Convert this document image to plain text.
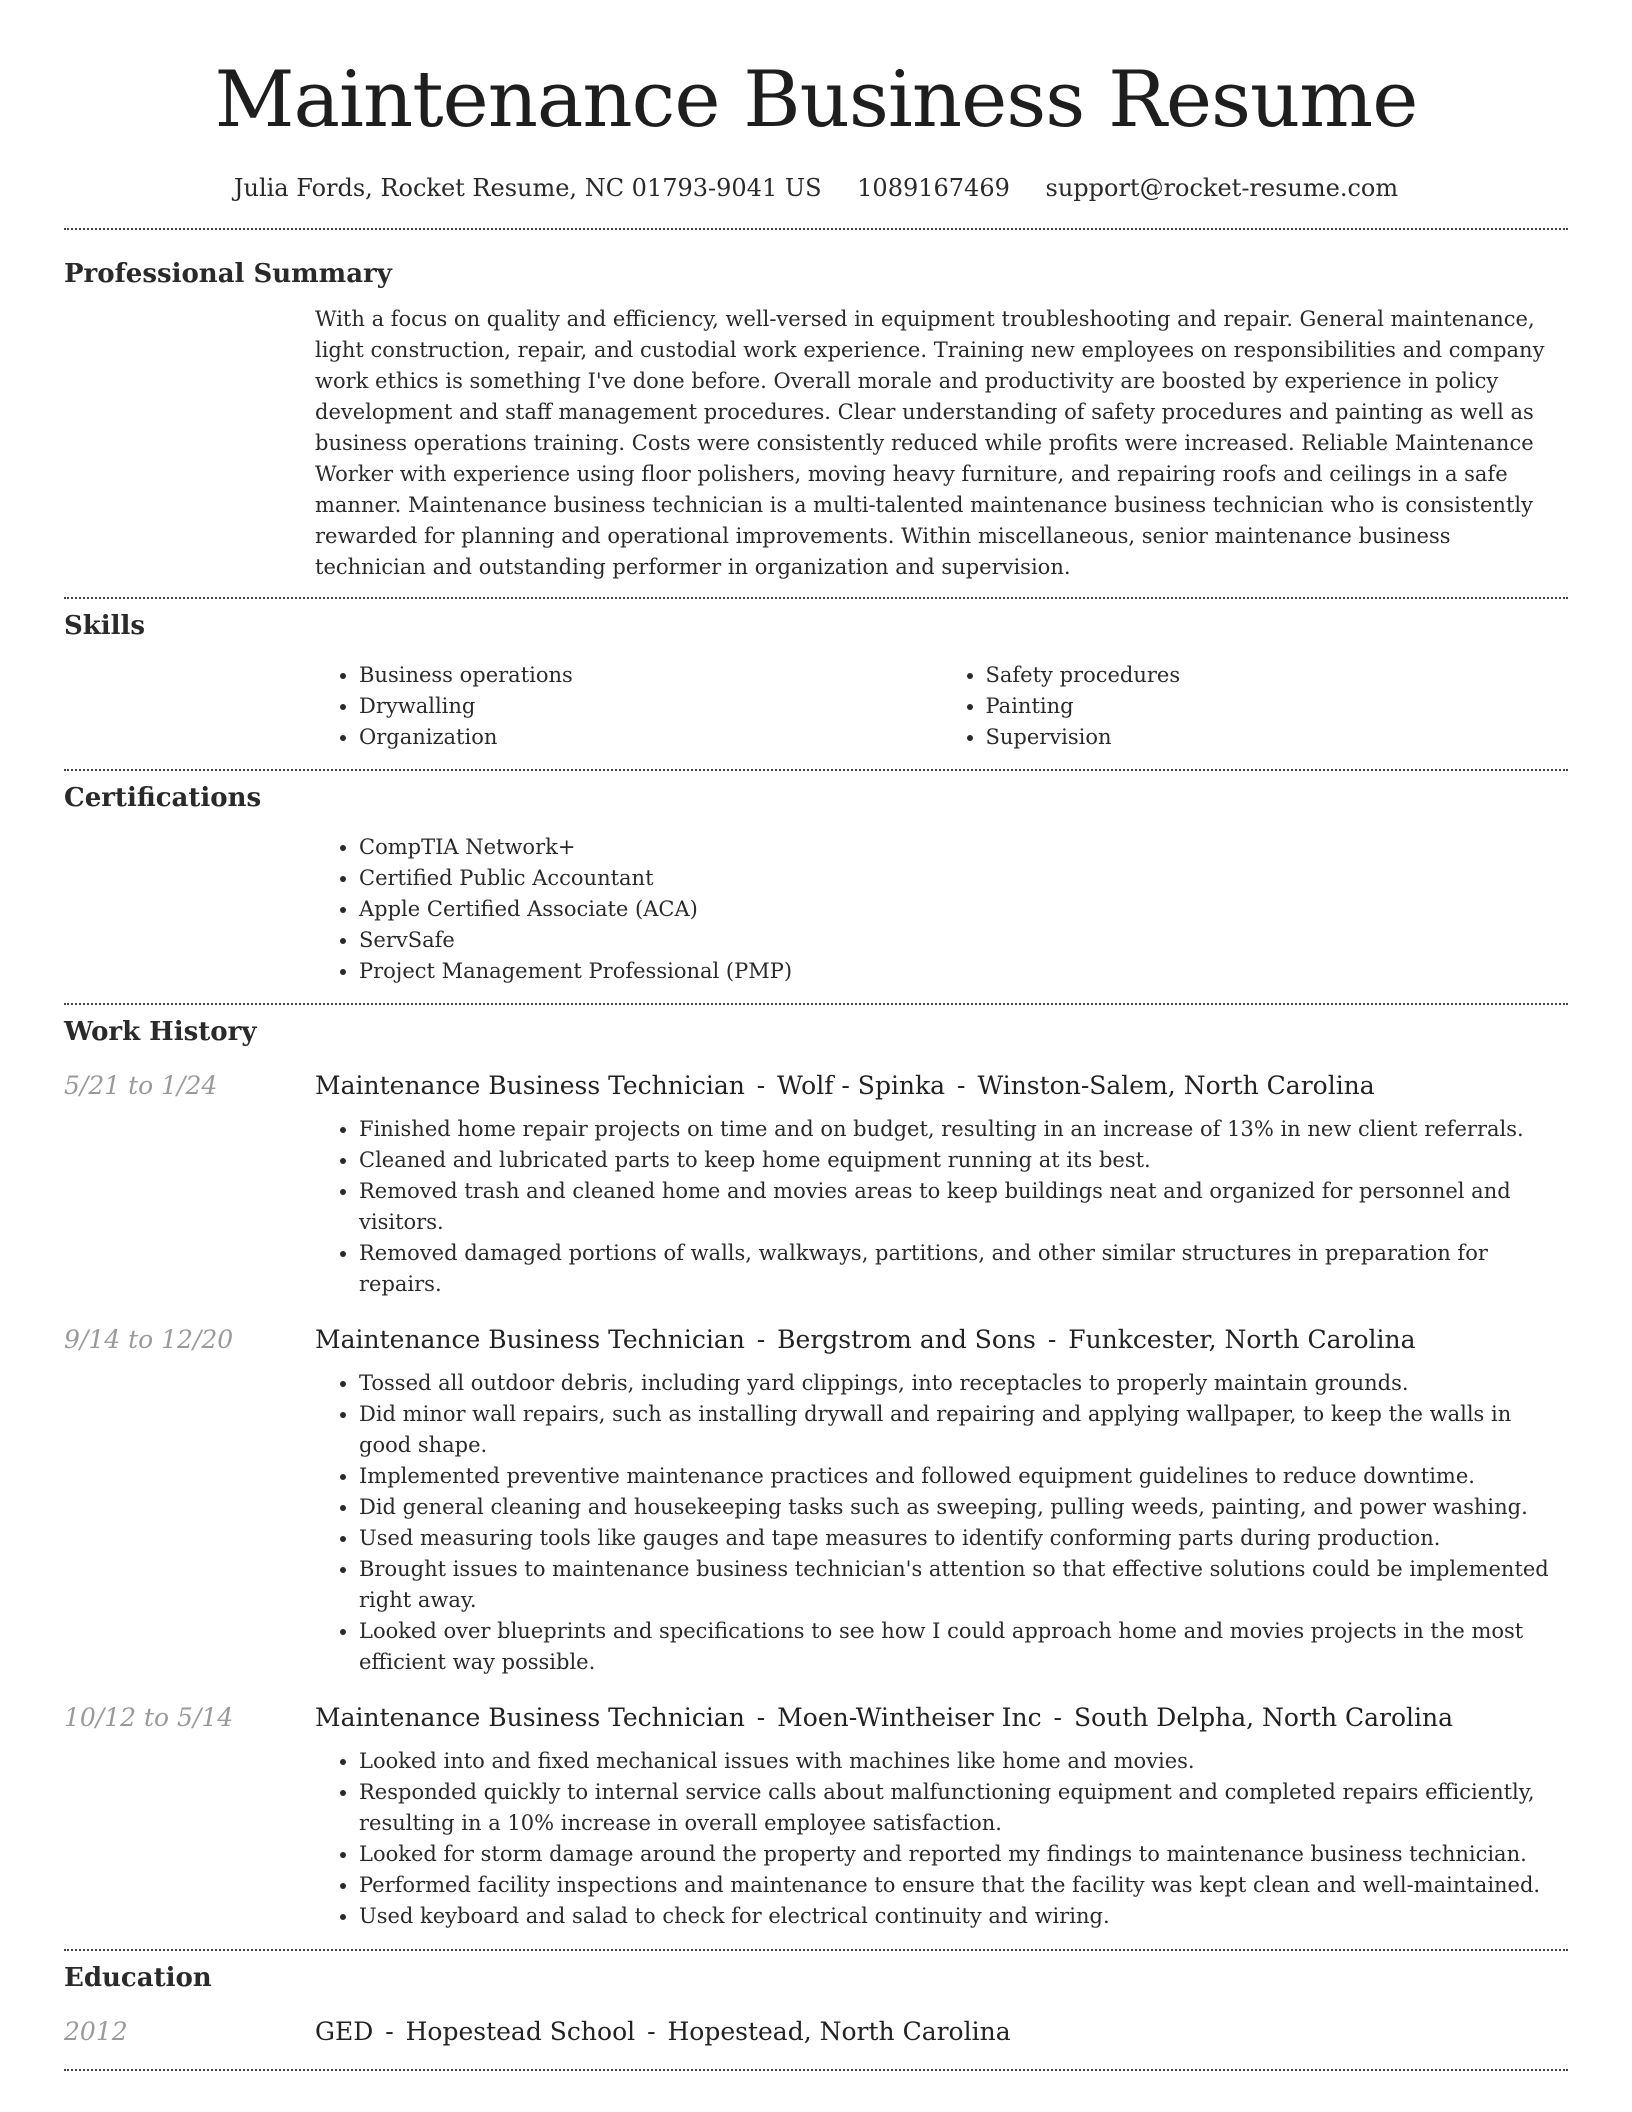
Maintenance Business Resume
Julia Fords, Rocket Resume, NC 01793-9041 US 1089167469 support@rocket-resume.com
Professional Summary

With a focus on quality and efficiency, well-versed in equipment troubleshooting and repair. General maintenance, light construction, repair, and custodial work experience. Training new employees on responsibilities and company work ethics is something I've done before. Overall morale and productivity are boosted by experience in policy development and staff management procedures. Clear understanding of safety procedures and painting as well as business operations training. Costs were consistently reduced while profits were increased. Reliable Maintenance Worker with experience using floor polishers, moving heavy furniture, and repairing roofs and ceilings in a safe manner. Maintenance business technician is a multi-talented maintenance business technician who is consistently rewarded for planning and operational improvements. Within miscellaneous, senior maintenance business technician and outstanding performer in organization and supervision.

Skills
• Business operations
• Drywalling
• Organization
• Safety procedures
• Painting
• Supervision
Certifications
• CompTIA Network+
• Certified Public Accountant
• Apple Certified Associate (ACA)
• ServSafe
• Project Management Professional (PMP)
Work History
5/21 to 1/24	Maintenance Business Technician - Wolf - Spinka - Winston-Salem, North Carolina
• Finished home repair projects on time and on budget, resulting in an increase of 13% in new client referrals.
• Cleaned and lubricated parts to keep home equipment running at its best.
• Removed trash and cleaned home and movies areas to keep buildings neat and organized for personnel and visitors.
• Removed damaged portions of walls, walkways, partitions, and other similar structures in preparation for repairs.
9/14 to 12/20	Maintenance Business Technician - Bergstrom and Sons - Funkcester, North Carolina
• Tossed all outdoor debris, including yard clippings, into receptacles to properly maintain grounds.
• Did minor wall repairs, such as installing drywall and repairing and applying wallpaper, to keep the walls in good shape.
• Implemented preventive maintenance practices and followed equipment guidelines to reduce downtime.
• Did general cleaning and housekeeping tasks such as sweeping, pulling weeds, painting, and power washing.
• Used measuring tools like gauges and tape measures to identify conforming parts during production.
• Brought issues to maintenance business technician's attention so that effective solutions could be implemented right away.
• Looked over blueprints and specifications to see how I could approach home and movies projects in the most efficient way possible.
10/12 to 5/14	Maintenance Business Technician - Moen-Wintheiser Inc - South Delpha, North Carolina
• Looked into and fixed mechanical issues with machines like home and movies.
• Responded quickly to internal service calls about malfunctioning equipment and completed repairs efficiently, resulting in a 10% increase in overall employee satisfaction.
• Looked for storm damage around the property and reported my findings to maintenance business technician.
• Performed facility inspections and maintenance to ensure that the facility was kept clean and well-maintained.
• Used keyboard and salad to check for electrical continuity and wiring.
Education
2012	GED - Hopestead School - Hopestead, North Carolina
